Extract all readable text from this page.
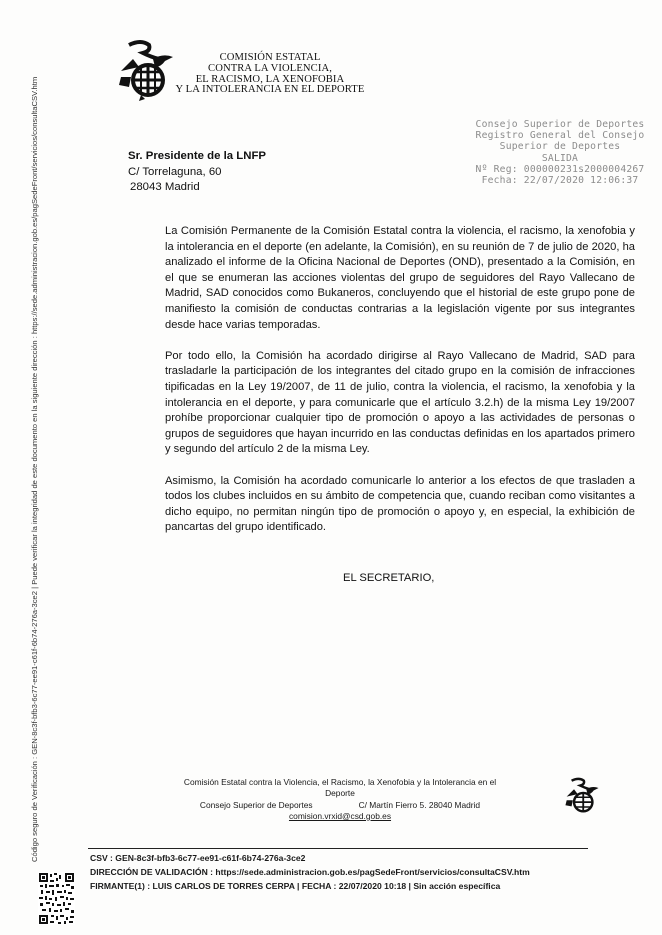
COMISIÓN ESTATAL
CONTRA LA VIOLENCIA,
EL RACISMO, LA XENOFOBIA
Y LA INTOLERANCIA EN EL DEPORTE
Consejo Superior de Deportes
Registro General del Consejo
Superior de Deportes
SALIDA
Nº Reg: 000000231s2000004267
Fecha: 22/07/2020 12:06:37
Sr. Presidente de la LNFP
C/ Torrelaguna, 60
28043 Madrid

La Comisión Permanente de la Comisión Estatal contra la violencia, el racismo, la xenofobia y la intolerancia en el deporte (en adelante, la Comisión), en su reunión de 7 de julio de 2020, ha analizado el informe de la Oficina Nacional de Deportes (OND), presentado a la Comisión, en el que se enumeran las acciones violentas del grupo de seguidores del Rayo Vallecano de Madrid, SAD conocidos como Bukaneros, concluyendo que el historial de este grupo pone de manifiesto la comisión de conductas contrarias a la legislación vigente por sus integrantes desde hace varias temporadas.

Por todo ello, la Comisión ha acordado dirigirse al Rayo Vallecano de Madrid, SAD para trasladarle la participación de los integrantes del citado grupo en la comisión de infracciones tipificadas en la Ley 19/2007, de 11 de julio, contra la violencia, el racismo, la xenofobia y la intolerancia en el deporte, y para comunicarle que el artículo 3.2.h) de la misma Ley 19/2007 prohíbe proporcionar cualquier tipo de promoción o apoyo a las actividades de personas o grupos de seguidores que hayan incurrido en las conductas definidas en los apartados primero y segundo del artículo 2 de la misma Ley.

Asimismo, la Comisión ha acordado comunicarle lo anterior a los efectos de que trasladen a todos los clubes incluidos en su ámbito de competencia que, cuando reciban como visitantes a dicho equipo, no permitan ningún tipo de promoción o apoyo y, en especial, la exhibición de pancartas del grupo identificado.

EL SECRETARIO,
Comisión Estatal contra la Violencia, el Racismo, la Xenofobia y la Intolerancia en el Deporte
Consejo Superior de Deportes	C/ Martín Fierro 5. 28040 Madrid
comision.vrxid@csd.gob.es
CSV : GEN-8c3f-bfb3-6c77-ee91-c61f-6b74-276a-3ce2
DIRECCIÓN DE VALIDACIÓN : https://sede.administracion.gob.es/pagSedeFront/servicios/consultaCSV.htm
FIRMANTE(1) : LUIS CARLOS DE TORRES CERPA | FECHA : 22/07/2020 10:18 | Sin acción específica
Código seguro de Verificación : GEN-8c3f-bfb3-6c77-ee91-c61f-6b74-276a-3ce2 | Puede verificar la integridad de este documento en la siguiente dirección : https://sede.administracion.gob.es/pagSedeFront/servicios/consultaCSV.htm
